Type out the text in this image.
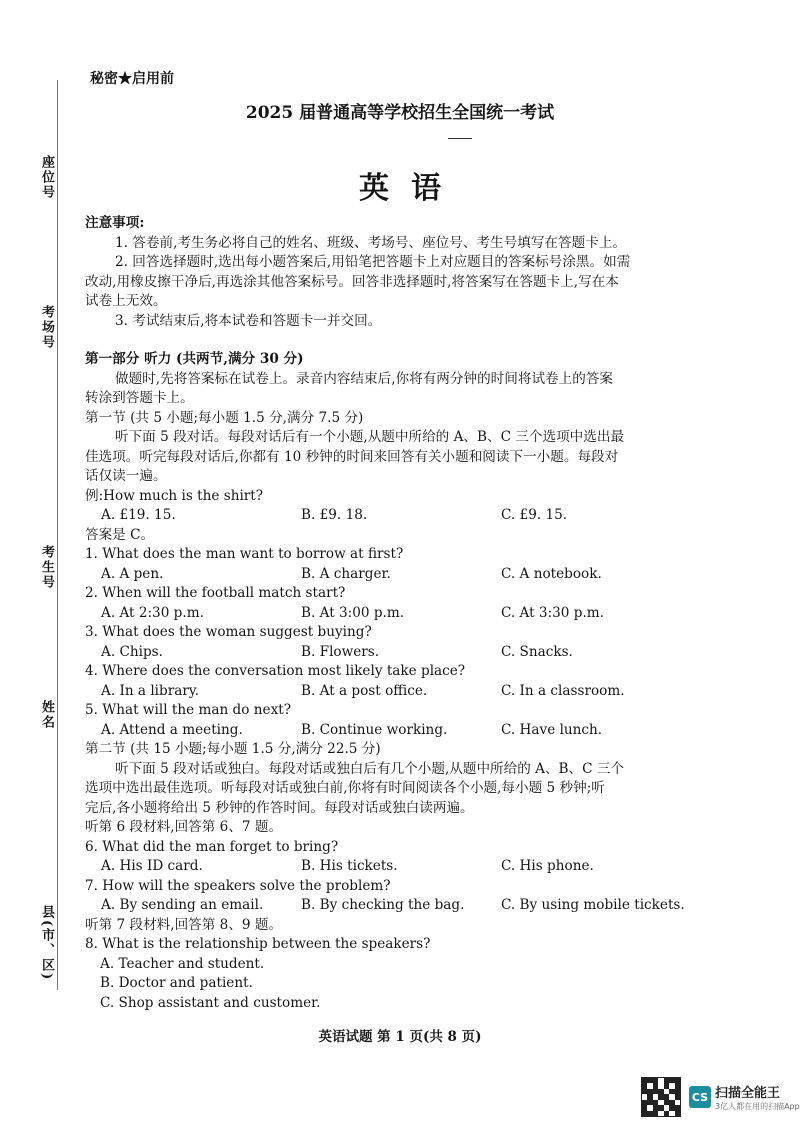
座位号
考场号
考生号
姓名
县(市、区)
秘密★启用前
2025 届普通高等学校招生全国统一考试
英语
注意事项:
1. 答卷前,考生务必将自己的姓名、班级、考场号、座位号、考生号填写在答题卡上。
2. 回答选择题时,选出每小题答案后,用铅笔把答题卡上对应题目的答案标号涂黑。如需
改动,用橡皮擦干净后,再选涂其他答案标号。回答非选择题时,将答案写在答题卡上,写在本
试卷上无效。
3. 考试结束后,将本试卷和答题卡一并交回。
第一部分 听力 (共两节,满分 30 分)
做题时,先将答案标在试卷上。录音内容结束后,你将有两分钟的时间将试卷上的答案
转涂到答题卡上。
第一节 (共 5 小题;每小题 1.5 分,满分 7.5 分)
听下面 5 段对话。每段对话后有一个小题,从题中所给的 A、B、C 三个选项中选出最
佳选项。听完每段对话后,你都有 10 秒钟的时间来回答有关小题和阅读下一小题。每段对
话仅读一遍。
例:How much is the shirt?
A. £19. 15.	B. £9. 18.	C. £9. 15.
答案是 C。
1. What does the man want to borrow at first?
A. A pen.	B. A charger.	C. A notebook.
2. When will the football match start?
A. At 2:30 p.m.	B. At 3:00 p.m.	C. At 3:30 p.m.
3. What does the woman suggest buying?
A. Chips.	B. Flowers.	C. Snacks.
4. Where does the conversation most likely take place?
A. In a library.	B. At a post office.	C. In a classroom.
5. What will the man do next?
A. Attend a meeting.	B. Continue working.	C. Have lunch.
第二节 (共 15 小题;每小题 1.5 分,满分 22.5 分)
听下面 5 段对话或独白。每段对话或独白后有几个小题,从题中所给的 A、B、C 三个
选项中选出最佳选项。听每段对话或独白前,你将有时间阅读各个小题,每小题 5 秒钟;听
完后,各小题将给出 5 秒钟的作答时间。每段对话或独白读两遍。
听第 6 段材料,回答第 6、7 题。
6. What did the man forget to bring?
A. His ID card.	B. His tickets.	C. His phone.
7. How will the speakers solve the problem?
A. By sending an email.	B. By checking the bag.	C. By using mobile tickets.
听第 7 段材料,回答第 8、9 题。
8. What is the relationship between the speakers?
A. Teacher and student.
B. Doctor and patient.
C. Shop assistant and customer.
英语试题 第 1 页(共 8 页)
CS 扫描全能王
3亿人都在用的扫描App
